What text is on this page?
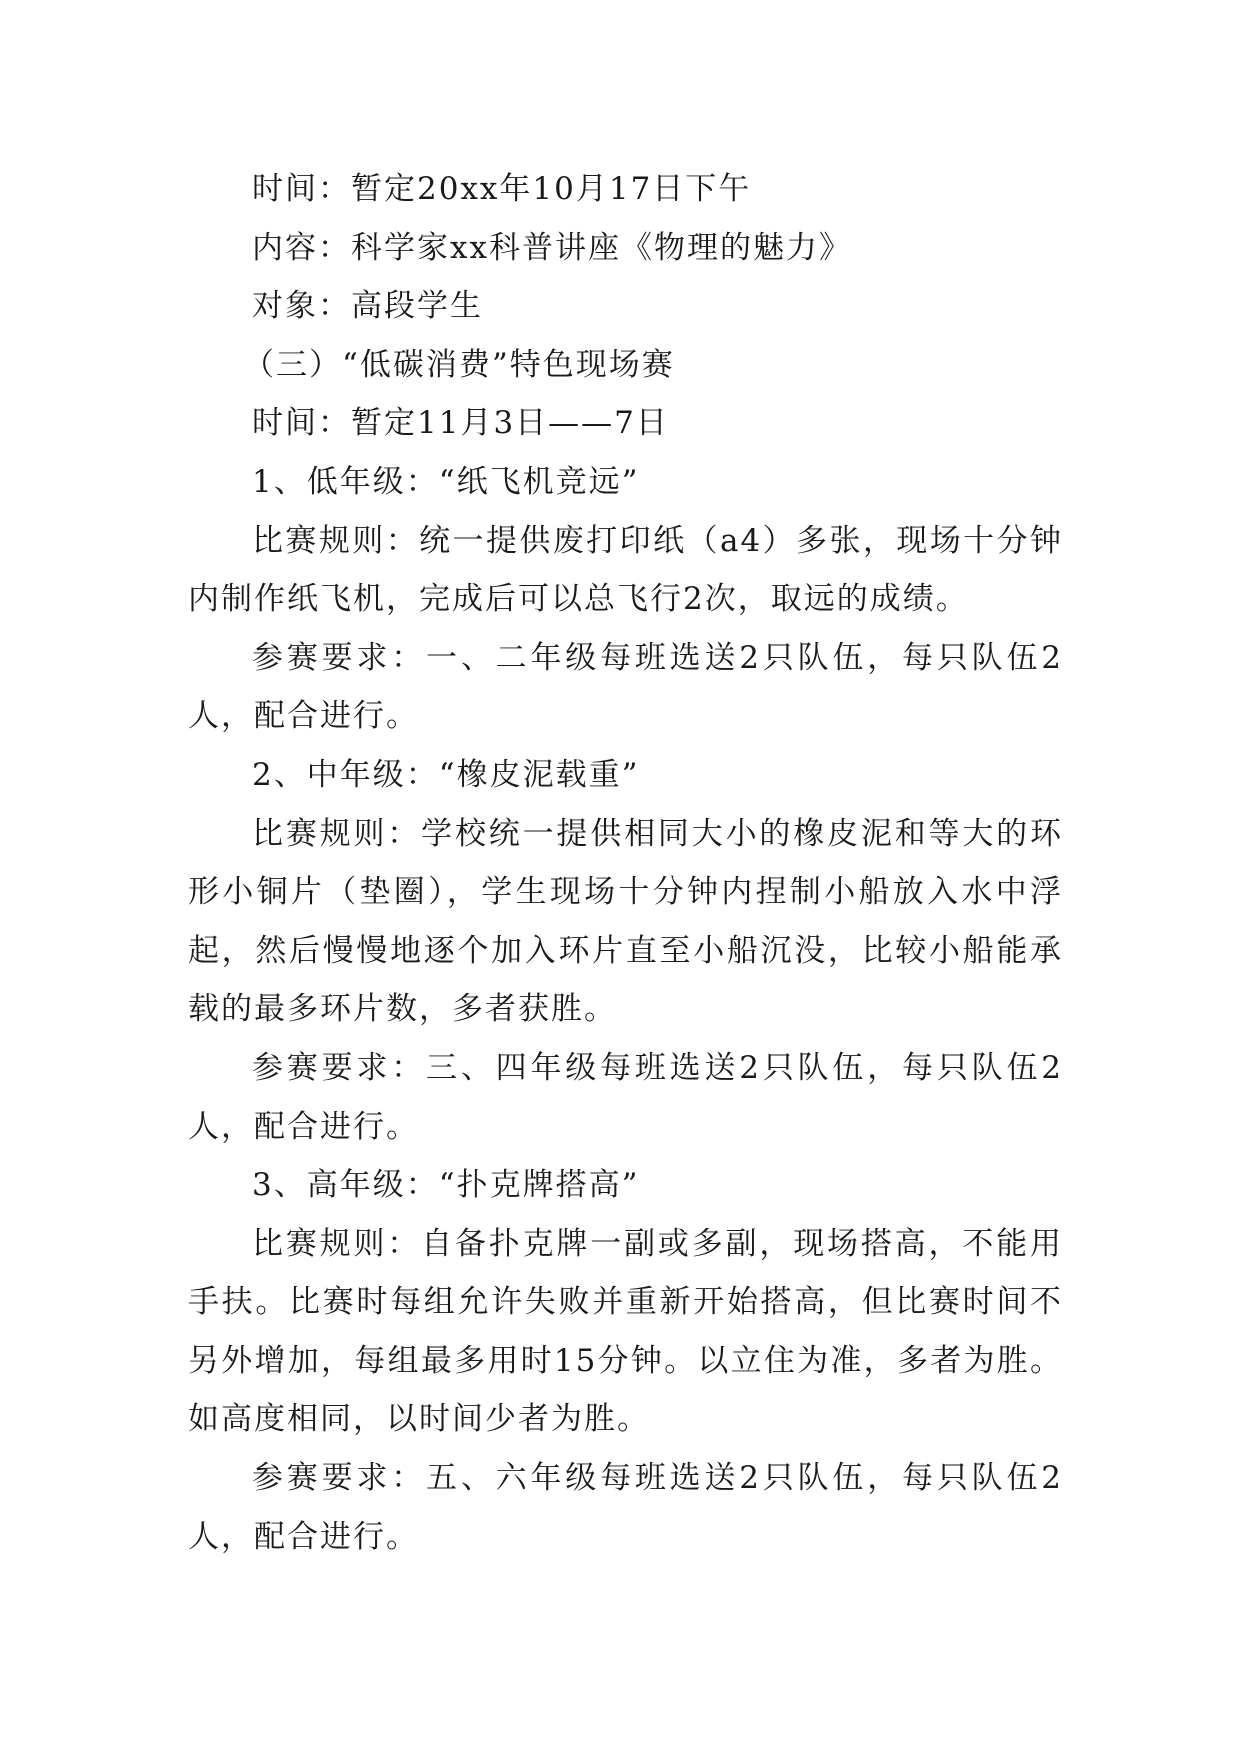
时间：暂定20xx年10月17日下午

内容：科学家xx科普讲座《物理的魅力》

对象：高段学生

（三）“低碳消费”特色现场赛

时间：暂定11月3日——7日

1、低年级：“纸飞机竞远”

比赛规则：统一提供废打印纸（a4）多张，现场十分钟内制作纸飞机，完成后可以总飞行2次，取远的成绩。

参赛要求：一、二年级每班选送2只队伍，每只队伍2人，配合进行。

2、中年级：“橡皮泥载重”

比赛规则：学校统一提供相同大小的橡皮泥和等大的环形小铜片（垫圈），学生现场十分钟内捏制小船放入水中浮起，然后慢慢地逐个加入环片直至小船沉没，比较小船能承载的最多环片数，多者获胜。

参赛要求：三、四年级每班选送2只队伍，每只队伍2人，配合进行。

3、高年级：“扑克牌搭高”

比赛规则：自备扑克牌一副或多副，现场搭高，不能用手扶。比赛时每组允许失败并重新开始搭高，但比赛时间不另外增加，每组最多用时15分钟。以立住为准，多者为胜。如高度相同，以时间少者为胜。

参赛要求：五、六年级每班选送2只队伍，每只队伍2人，配合进行。
